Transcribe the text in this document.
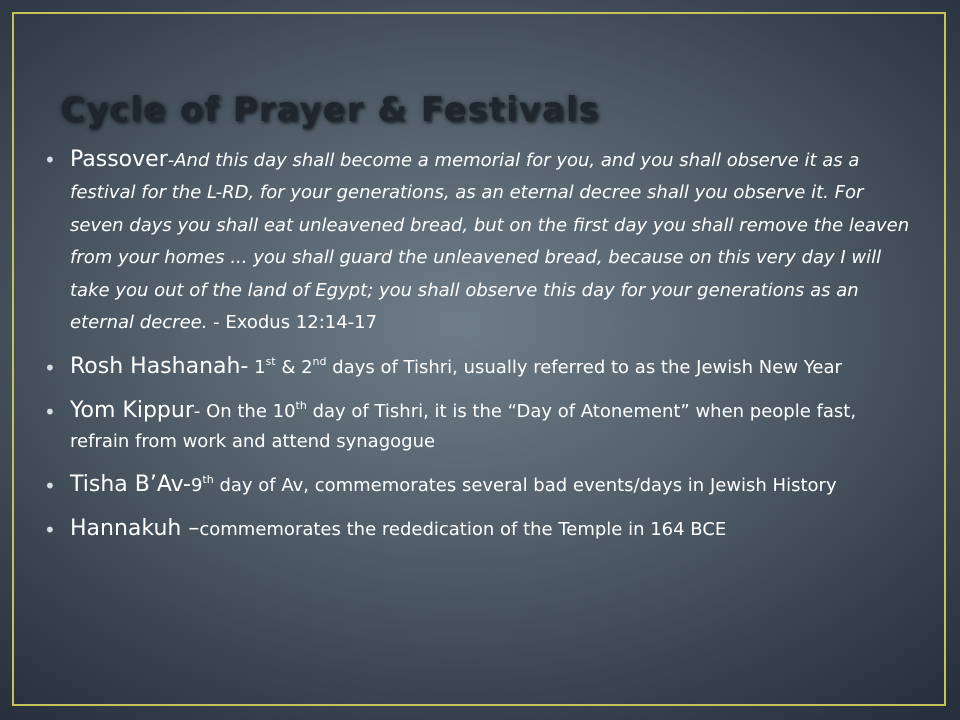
Cycle of Prayer & Festivals
• Passover-And this day shall become a memorial for you, and you shall observe it as a festival for the L-RD, for your generations, as an eternal decree shall you observe it. For seven days you shall eat unleavened bread, but on the first day you shall remove the leaven from your homes ... you shall guard the unleavened bread, because on this very day I will take you out of the land of Egypt; you shall observe this day for your generations as an eternal decree. - Exodus 12:14-17
• Rosh Hashanah- 1st & 2nd days of Tishri, usually referred to as the Jewish New Year
• Yom Kippur- On the 10th day of Tishri, it is the “Day of Atonement” when people fast, refrain from work and attend synagogue
• Tisha B’Av-9th day of Av, commemorates several bad events/days in Jewish History
• Hannakuh –commemorates the rededication of the Temple in 164 BCE
